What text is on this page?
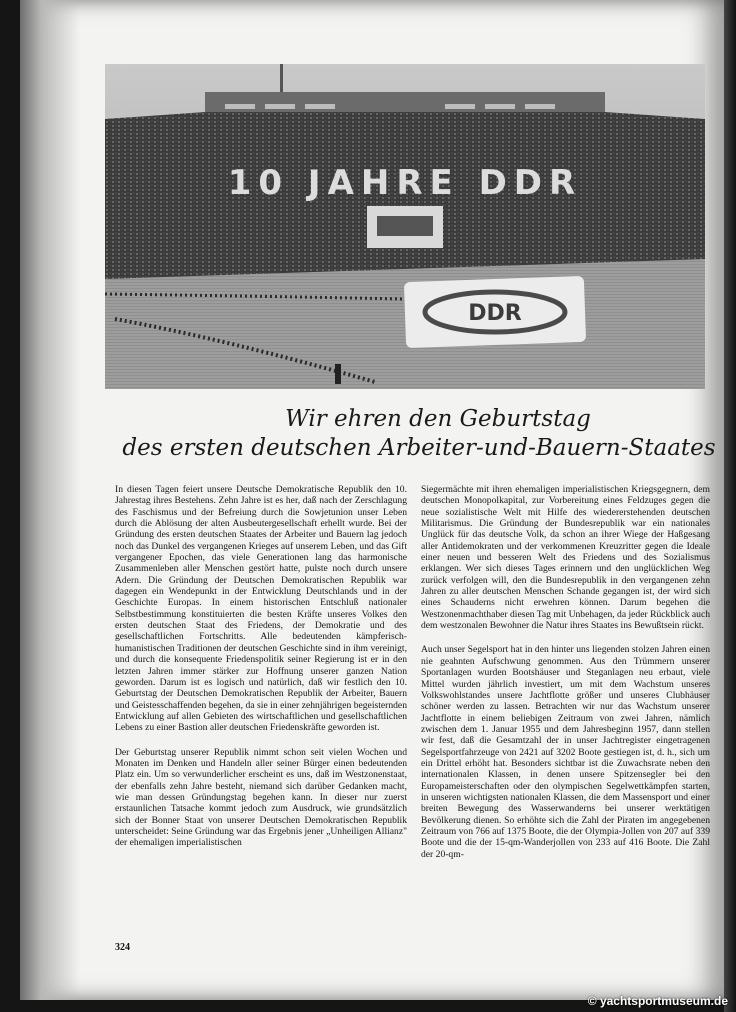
10 JAHRE DDR
DDR
Wir ehren den Geburtstag
des ersten deutschen Arbeiter-und-Bauern-Staates

In diesen Tagen feiert unsere Deutsche Demokratische Republik den 10. Jahrestag ihres Bestehens. Zehn Jahre ist es her, daß nach der Zerschlagung des Faschismus und der Befreiung durch die Sowjetunion unser Leben durch die Ablösung der alten Ausbeutergesellschaft erhellt wurde. Bei der Gründung des ersten deutschen Staates der Arbeiter und Bauern lag jedoch noch das Dunkel des vergangenen Krieges auf unserem Leben, und das Gift vergangener Epochen, das viele Generationen lang das harmonische Zusammenleben aller Menschen gestört hatte, pulste noch durch unsere Adern. Die Gründung der Deutschen Demokratischen Republik war dagegen ein Wendepunkt in der Entwicklung Deutschlands und in der Geschichte Europas. In einem historischen Entschluß nationaler Selbstbestimmung konstituierten die besten Kräfte unseres Volkes den ersten deutschen Staat des Friedens, der Demokratie und des gesellschaftlichen Fortschritts. Alle bedeutenden kämpferisch-humanistischen Traditionen der deutschen Geschichte sind in ihm vereinigt, und durch die konsequente Friedenspolitik seiner Regierung ist er in den letzten Jahren immer stärker zur Hoffnung unserer ganzen Nation geworden. Darum ist es logisch und natürlich, daß wir festlich den 10. Geburtstag der Deutschen Demokratischen Republik der Arbeiter, Bauern und Geistesschaffenden begehen, da sie in einer zehnjährigen begeisternden Entwicklung auf allen Gebieten des wirtschaftlichen und gesellschaftlichen Lebens zu einer Bastion aller deutschen Friedenskräfte geworden ist.

Der Geburtstag unserer Republik nimmt schon seit vielen Wochen und Monaten im Denken und Handeln aller seiner Bürger einen bedeutenden Platz ein. Um so verwunderlicher erscheint es uns, daß im Westzonenstaat, der ebenfalls zehn Jahre besteht, niemand sich darüber Gedanken macht, wie man dessen Gründungstag begehen kann. In dieser nur zuerst erstaunlichen Tatsache kommt jedoch zum Ausdruck, wie grundsätzlich sich der Bonner Staat von unserer Deutschen Demokratischen Republik unterscheidet: Seine Gründung war das Ergebnis jener „Unheiligen Allianz" der ehemaligen imperialistischen

Siegermächte mit ihren ehemaligen imperialistischen Kriegsgegnern, dem deutschen Monopolkapital, zur Vorbereitung eines Feldzuges gegen die neue sozialistische Welt mit Hilfe des wiedererstehenden deutschen Militarismus. Die Gründung der Bundesrepublik war ein nationales Unglück für das deutsche Volk, da schon an ihrer Wiege der Haßgesang aller Antidemokraten und der verkommenen Kreuzritter gegen die Ideale einer neuen und besseren Welt des Friedens und des Sozialismus erklangen. Wer sich dieses Tages erinnern und den unglücklichen Weg zurück verfolgen will, den die Bundesrepublik in den vergangenen zehn Jahren zu aller deutschen Menschen Schande gegangen ist, der wird sich eines Schauderns nicht erwehren können. Darum begehen die Westzonenmachthaber diesen Tag mit Unbehagen, da jeder Rückblick auch dem westzonalen Bewohner die Natur ihres Staates ins Bewußtsein rückt.

Auch unser Segelsport hat in den hinter uns liegenden stolzen Jahren einen nie geahnten Aufschwung genommen. Aus den Trümmern unserer Sportanlagen wurden Bootshäuser und Steganlagen neu erbaut, viele Mittel wurden jährlich investiert, um mit dem Wachstum unseres Volkswohlstandes unsere Jachtflotte größer und unseres Clubhäuser schöner werden zu lassen. Betrachten wir nur das Wachstum unserer Jachtflotte in einem beliebigen Zeitraum von zwei Jahren, nämlich zwischen dem 1. Januar 1955 und dem Jahresbeginn 1957, dann stellen wir fest, daß die Gesamtzahl der in unser Jachtregister eingetragenen Segelsportfahrzeuge von 2421 auf 3202 Boote gestiegen ist, d. h., sich um ein Drittel erhöht hat. Besonders sichtbar ist die Zuwachsrate neben den internationalen Klassen, in denen unsere Spitzensegler bei den Europameisterschaften oder den olympischen Segelwettkämpfen starten, in unseren wichtigsten nationalen Klassen, die dem Massensport und einer breiten Bewegung des Wasserwanderns bei unserer werktätigen Bevölkerung dienen. So erhöhte sich die Zahl der Piraten im angegebenen Zeitraum von 766 auf 1375 Boote, die der Olympia-Jollen von 207 auf 339 Boote und die der 15-qm-Wanderjollen von 233 auf 416 Boote. Die Zahl der 20-qm-

324
© yachtsportmuseum.de
